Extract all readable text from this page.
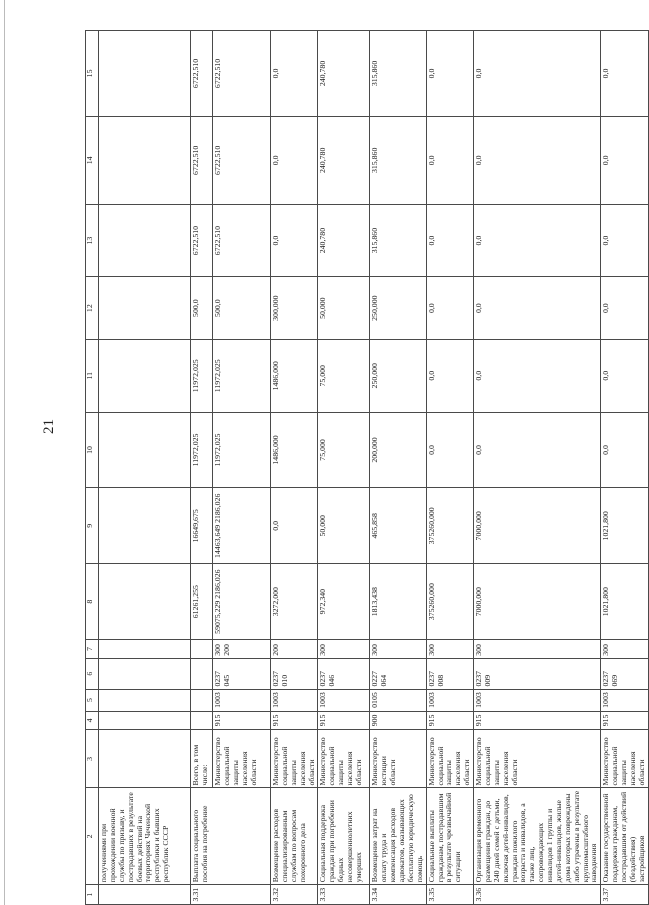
21
1	2	3	4	5	6	7	8	9	10	11	12	13	14	15
	получениями при прохождении военной службы по призыву, и пострадавших в результате боевых действий на территориях Чеченской республики и бывших республик СССР													
3.31	Выплата социального пособия на погребение	Всего, в том числе:					61261,255	16649,675	11972,025	11972,025	500,0	6722,510	6722,510	6722,510
		Министерство социальной защиты населения области	915	1003	0237 045	300 200	59075,229 2186,026	14463,649 2186,026	11972,025	11972,025	500,0	6722,510	6722,510	6722,510
3.32	Возмещение расходов специализированным службам по вопросам похоронного дела	Министерство социальной защиты населения области	915	1003	0237 010	200	3272,000	0,0	1486,000	1486,000	300,000	0,0	0,0	0,0
3.33	Социальная поддержка граждан при погребении бедных несовершеннолетних умерших	Министерство социальной защиты населения области	915	1003	0237 046	300	972,340	50,000	75,000	75,000	50,000	240,780	240,780	240,780
3.34	Возмещение затрат на оплату труда и компенсация расходов адвокатов, оказывающих бесплатную юридическую помощь	Министерство юстиции области	900	0105	0227 064	300	1813,438	465,858	200,000	250,000	250,000	315,860	315,860	315,860
3.35	Социальные выплаты гражданам, пострадавшим в результате чрезвычайной ситуации	Министерство социальной защиты населения области	915	1003	0237 008	300	375260,000	375260,000	0,0	0,0	0,0	0,0	0,0	0,0
3.36	Организация временного размещения граждан, до 240 дней семей с детьми, включая детей-инвалидов, граждан пожилого возраста и инвалидов, а также лиц, сопровождающих инвалидов 1 группы и детей-инвалидов, жилые дома которых повреждены либо утрачены в результате крупномасштабного наводнения	Министерство социальной защиты населения области	915	1003	0237 009	300	7000,000	7000,000	0,0	0,0	0,0	0,0	0,0	0,0
3.37	Оказание государственной поддержки гражданам, пострадавшим от действий (бездействия) застройщиков	Министерство социальной защиты населения области	915	1003	0237 069	300	1021,800	1021,800	0,0	0,0	0,0	0,0	0,0	0,0
